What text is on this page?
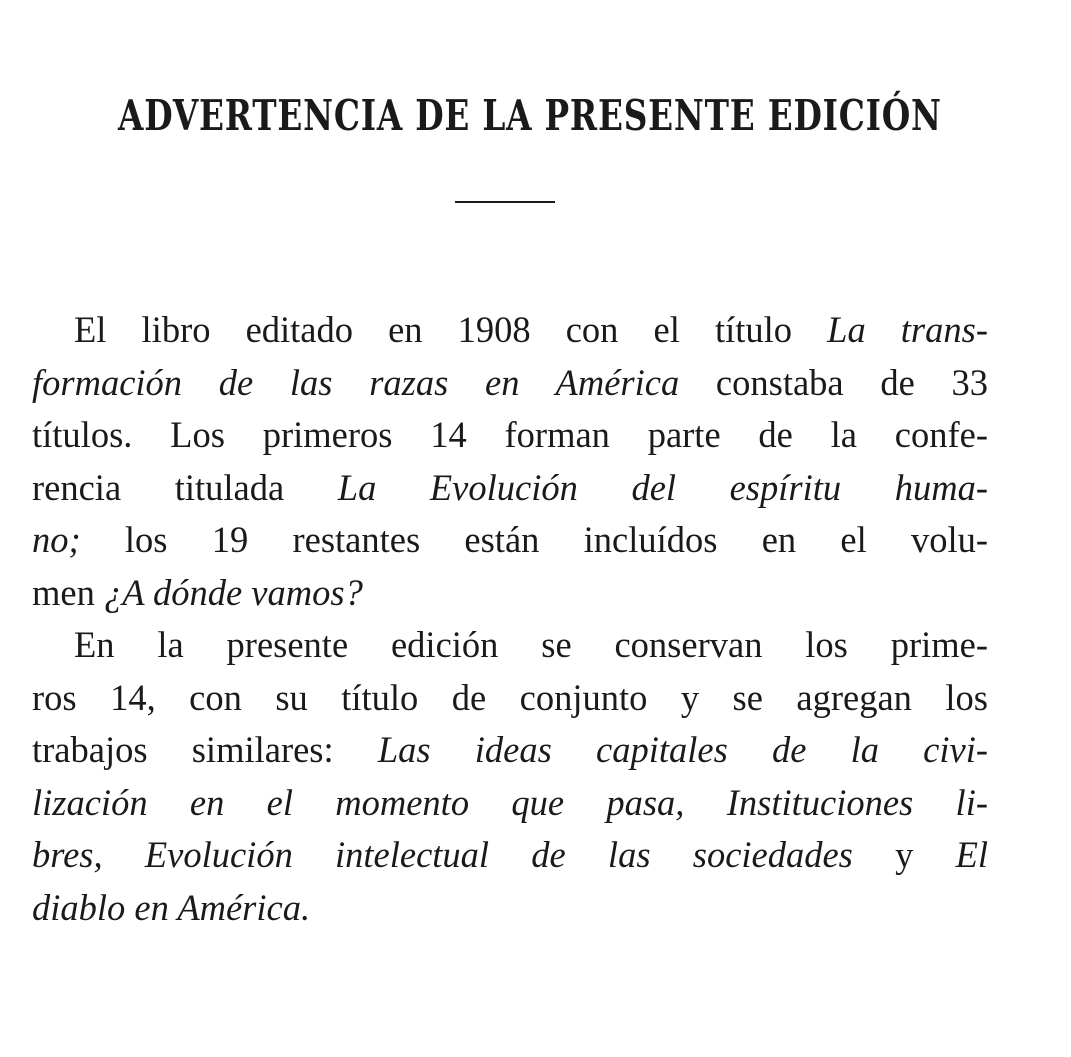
ADVERTENCIA DE LA PRESENTE EDICIÓN
El libro editado en 1908 con el título La trans-
formación de las razas en América constaba de 33
títulos. Los primeros 14 forman parte de la confe-
rencia titulada La Evolución del espíritu huma-
no; los 19 restantes están incluídos en el volu-
men ¿A dónde vamos?
En la presente edición se conservan los prime-
ros 14, con su título de conjunto y se agregan los
trabajos similares: Las ideas capitales de la civi-
lización en el momento que pasa, Instituciones li-
bres, Evolución intelectual de las sociedades y El
diablo en América.
